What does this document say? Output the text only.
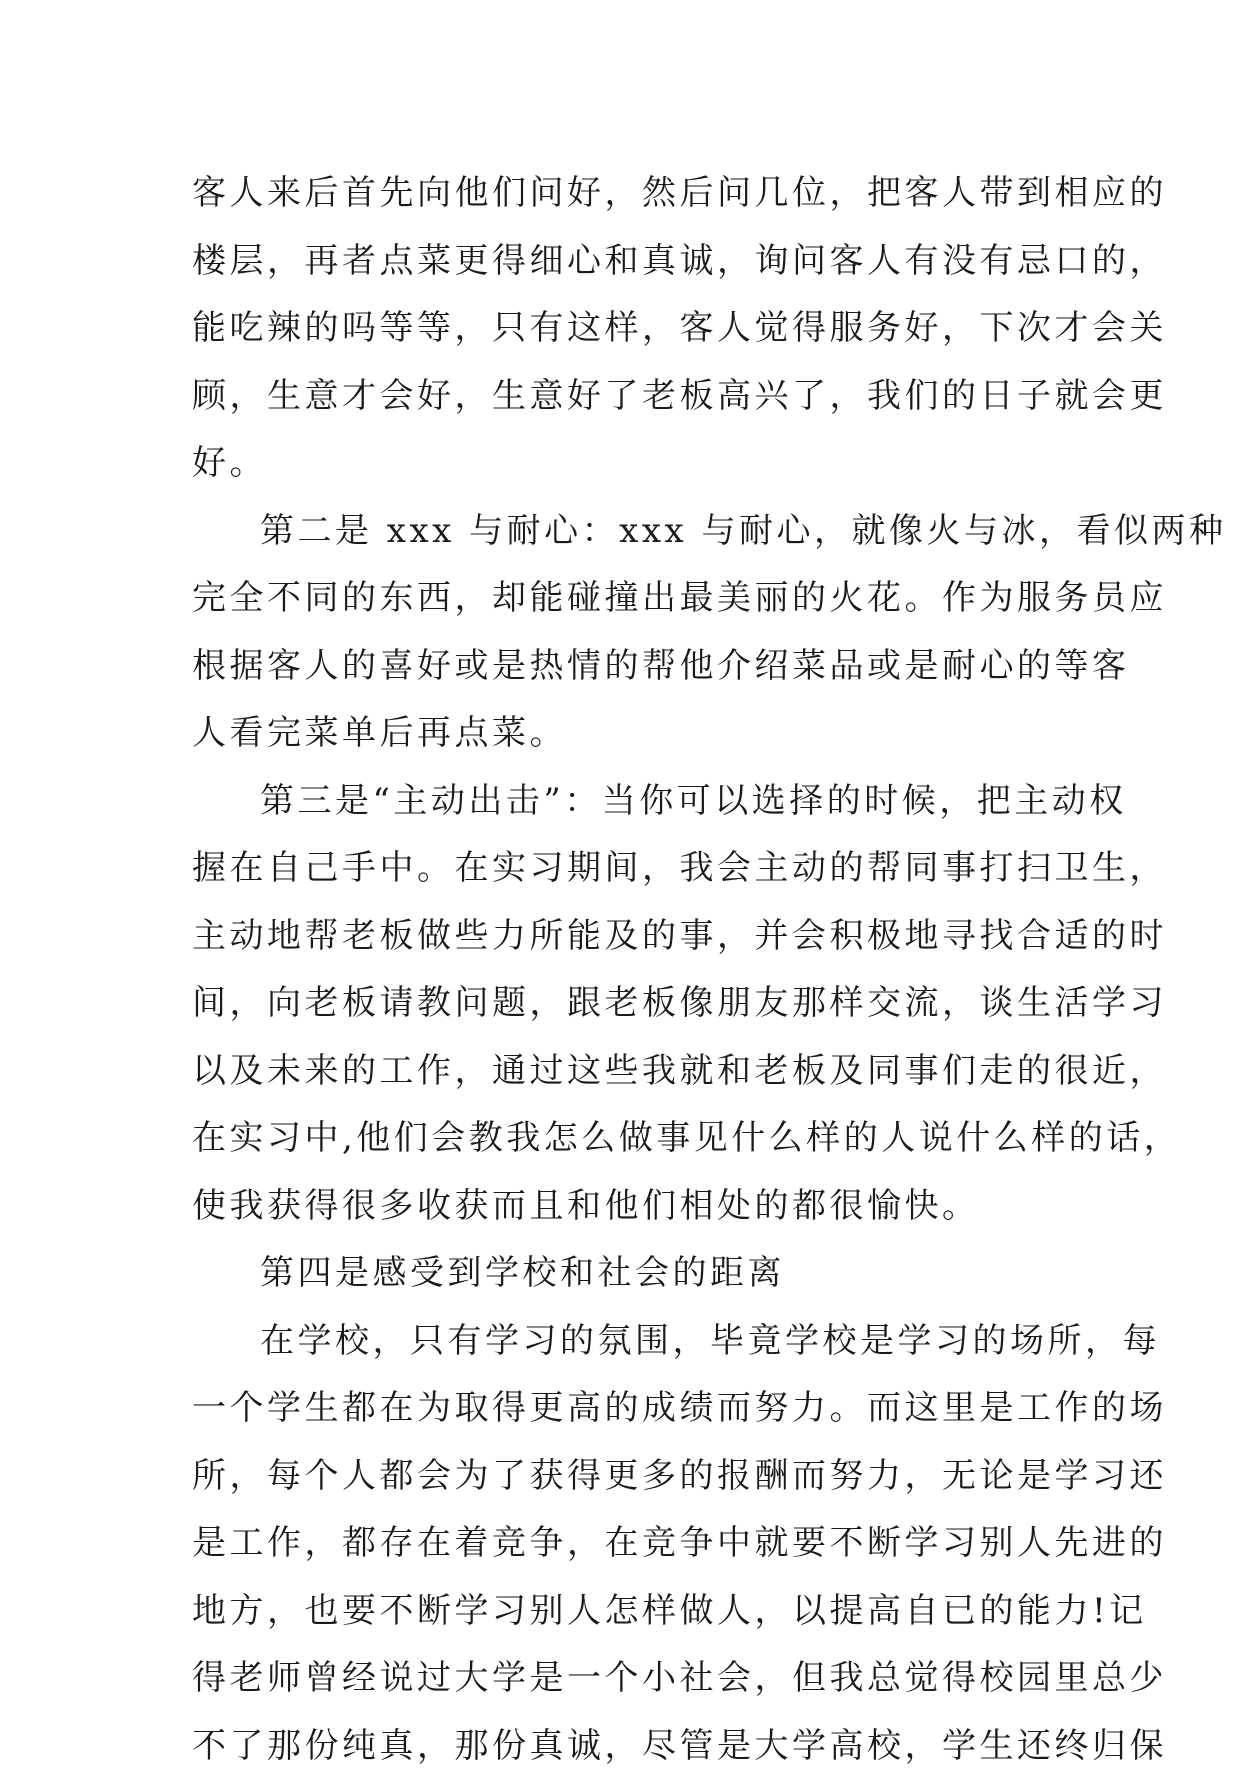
客人来后首先向他们问好，然后问几位，把客人带到相应的
楼层，再者点菜更得细心和真诚，询问客人有没有忌口的，
能吃辣的吗等等，只有这样，客人觉得服务好，下次才会关
顾，生意才会好，生意好了老板高兴了，我们的日子就会更
好。
第二是 xxx 与耐心：xxx 与耐心，就像火与冰，看似两种
完全不同的东西，却能碰撞出最美丽的火花。作为服务员应
根据客人的喜好或是热情的帮他介绍菜品或是耐心的等客
人看完菜单后再点菜。
第三是“主动出击”：当你可以选择的时候，把主动权
握在自己手中。在实习期间，我会主动的帮同事打扫卫生，
主动地帮老板做些力所能及的事，并会积极地寻找合适的时
间，向老板请教问题，跟老板像朋友那样交流，谈生活学习
以及未来的工作，通过这些我就和老板及同事们走的很近，
在实习中,他们会教我怎么做事见什么样的人说什么样的话，
使我获得很多收获而且和他们相处的都很愉快。
第四是感受到学校和社会的距离
在学校，只有学习的氛围，毕竟学校是学习的场所，每
一个学生都在为取得更高的成绩而努力。而这里是工作的场
所，每个人都会为了获得更多的报酬而努力，无论是学习还
是工作，都存在着竞争，在竞争中就要不断学习别人先进的
地方，也要不断学习别人怎样做人，以提高自已的能力!记
得老师曾经说过大学是一个小社会，但我总觉得校园里总少
不了那份纯真，那份真诚，尽管是大学高校，学生还终归保
